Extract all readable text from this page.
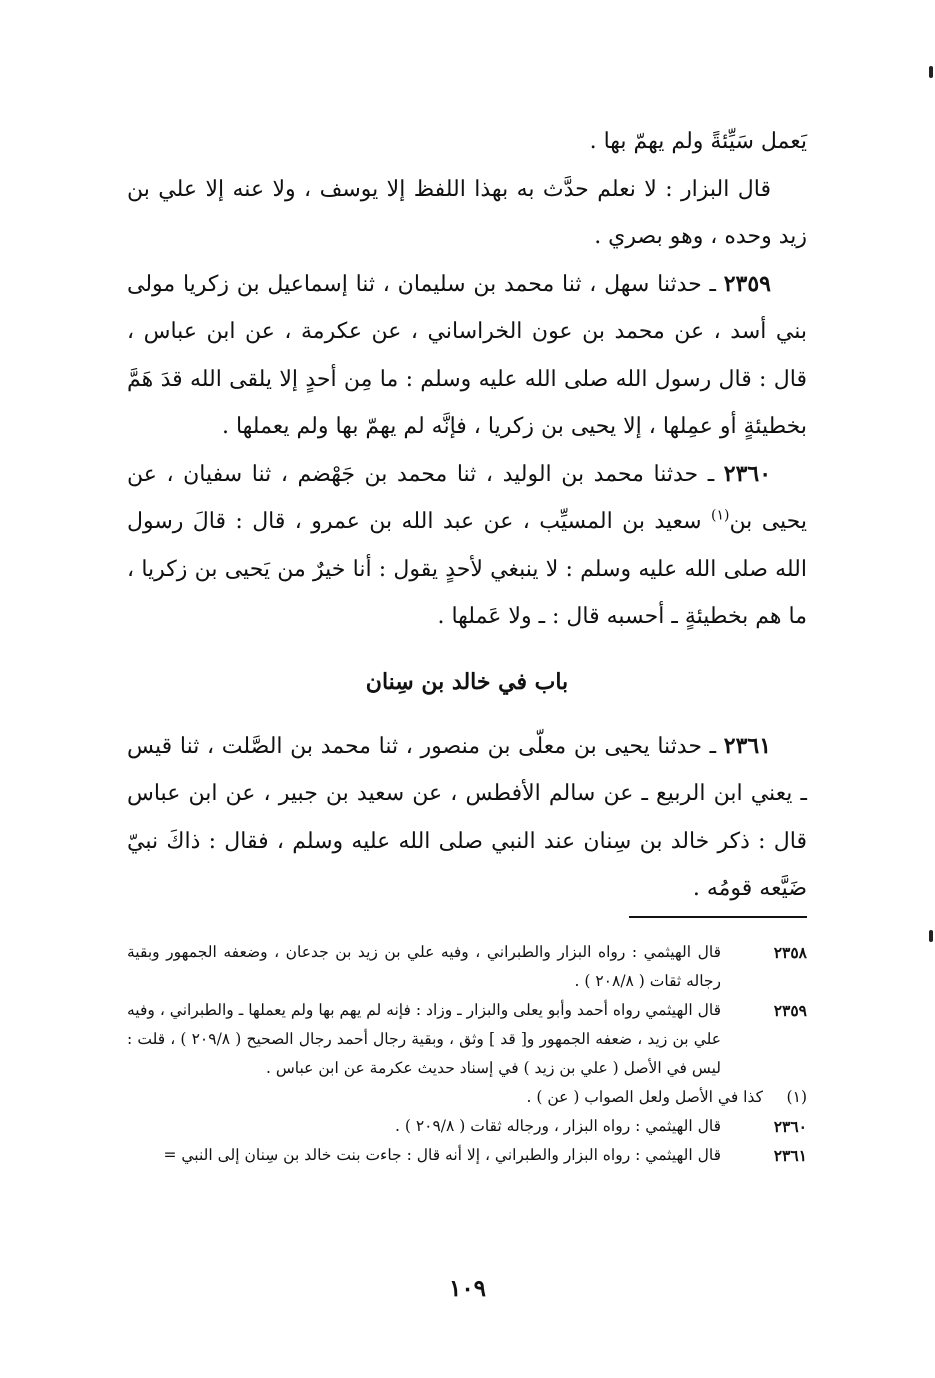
يَعمل سَيِّئةً ولم يهمّ بها .

قال البزار : لا نعلم حدَّث به بهذا اللفظ إلا يوسف ، ولا عنه إلا علي بن زيد وحده ، وهو بصري .

٢٣٥٩ ـ حدثنا سهل ، ثنا محمد بن سليمان ، ثنا إسماعيل بن زكريا مولى بني أسد ، عن محمد بن عون الخراساني ، عن عكرمة ، عن ابن عباس ، قال : قال رسول الله صلى الله عليه وسلم : ما مِن أحدٍ إلا يلقى الله قدَ هَمَّ بخطيئةٍ أو عمِلها ، إلا يحيى بن زكريا ، فإنَّه لم يهمّ بها ولم يعملها .

٢٣٦٠ ـ حدثنا محمد بن الوليد ، ثنا محمد بن جَهْضم ، ثنا سفيان ، عن يحيى بن$^{(١)}$ سعيد بن المسيِّب ، عن عبد الله بن عمرو ، قال : قالَ رسول الله صلى الله عليه وسلم : لا ينبغي لأحدٍ يقول : أنا خيرٌ من يَحيى بن زكريا ، ما هم بخطيئةٍ ـ أحسبه قال : ـ ولا عَملها .

باب في خالد بن سِنان

٢٣٦١ ـ حدثنا يحيى بن معلّى بن منصور ، ثنا محمد بن الصَّلت ، ثنا قيس ـ يعني ابن الربيع ـ عن سالم الأفطس ، عن سعيد بن جبير ، عن ابن عباس قال : ذكر خالد بن سِنان عند النبي صلى الله عليه وسلم ، فقال : ذاكَ نبيّ ضَيَّعه قومُه .

٢٣٥٨
قال الهيثمي : رواه البزار والطبراني ، وفيه علي بن زيد بن جدعان ، وضعفه الجمهور وبقية رجاله ثقات ( ٢٠٨/٨ ) .
٢٣٥٩
قال الهيثمي رواه أحمد وأبو يعلى والبزار ـ وزاد : فإنه لم يهم بها ولم يعملها ـ والطبراني ، وفيه علي بن زيد ، ضعفه الجمهور و[ قد ] وثق ، وبقية رجال أحمد رجال الصحيح ( ٢٠٩/٨ ) ، قلت : ليس في الأصل ( علي بن زيد ) في إسناد حديث عكرمة عن ابن عباس .
(١)
كذا في الأصل ولعل الصواب ( عن ) .
٢٣٦٠
قال الهيثمي : رواه البزار ، ورجاله ثقات ( ٢٠٩/٨ ) .
٢٣٦١
قال الهيثمي : رواه البزار والطبراني ، إلا أنه قال : جاءت بنت خالد بن سِنان إلى النبي =
١٠٩
